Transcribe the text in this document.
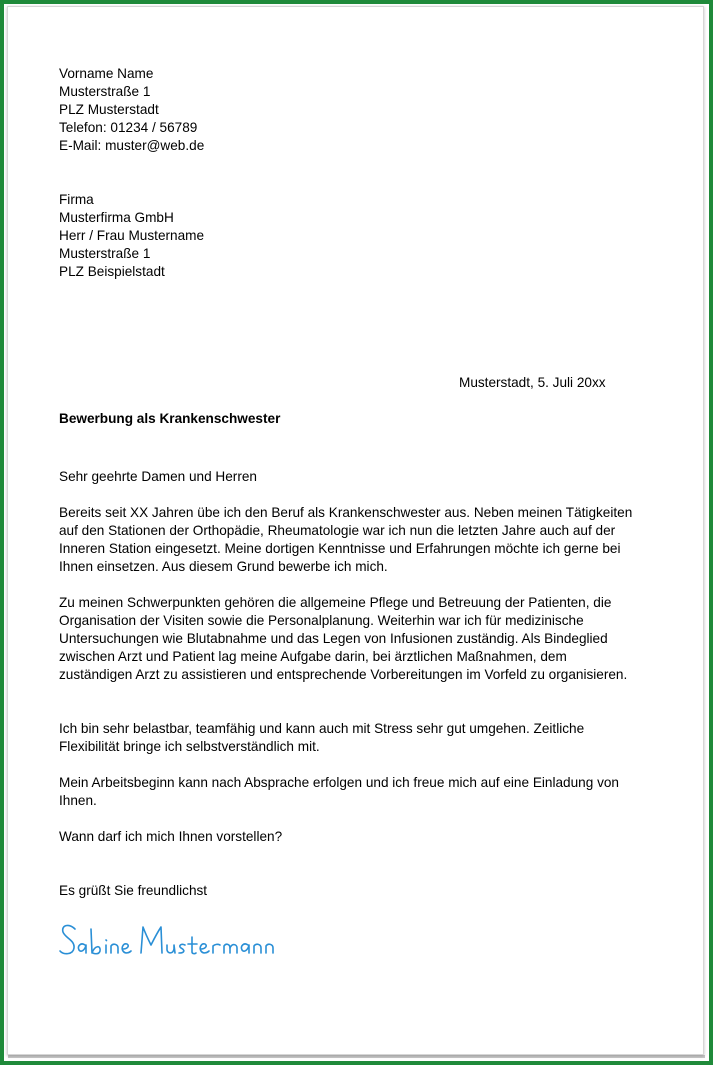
Vorname Name
Musterstraße 1
PLZ Musterstadt
Telefon: 01234 / 56789
E-Mail: muster@web.de
Firma
Musterfirma GmbH
Herr / Frau Mustername
Musterstraße 1
PLZ Beispielstadt
Musterstadt, 5. Juli 20xx
Bewerbung als Krankenschwester
Sehr geehrte Damen und Herren
Bereits seit XX Jahren übe ich den Beruf als Krankenschwester aus. Neben meinen Tätigkeiten auf den Stationen der Orthopädie, Rheumatologie war ich nun die letzten Jahre auch auf der Inneren Station eingesetzt. Meine dortigen Kenntnisse und Erfahrungen möchte ich gerne bei Ihnen einsetzen. Aus diesem Grund bewerbe ich mich.
Zu meinen Schwerpunkten gehören die allgemeine Pflege und Betreuung der Patienten, die Organisation der Visiten sowie die Personalplanung. Weiterhin war ich für medizinische Untersuchungen wie Blutabnahme und das Legen von Infusionen zuständig. Als Bindeglied zwischen Arzt und Patient lag meine Aufgabe darin, bei ärztlichen Maßnahmen, dem zuständigen Arzt zu assistieren und entsprechende Vorbereitungen im Vorfeld zu organisieren.
Ich bin sehr belastbar, teamfähig und kann auch mit Stress sehr gut umgehen. Zeitliche Flexibilität bringe ich selbstverständlich mit.
Mein Arbeitsbeginn kann nach Absprache erfolgen und ich freue mich auf eine Einladung von Ihnen.
Wann darf ich mich Ihnen vorstellen?
Es grüßt Sie freundlichst
